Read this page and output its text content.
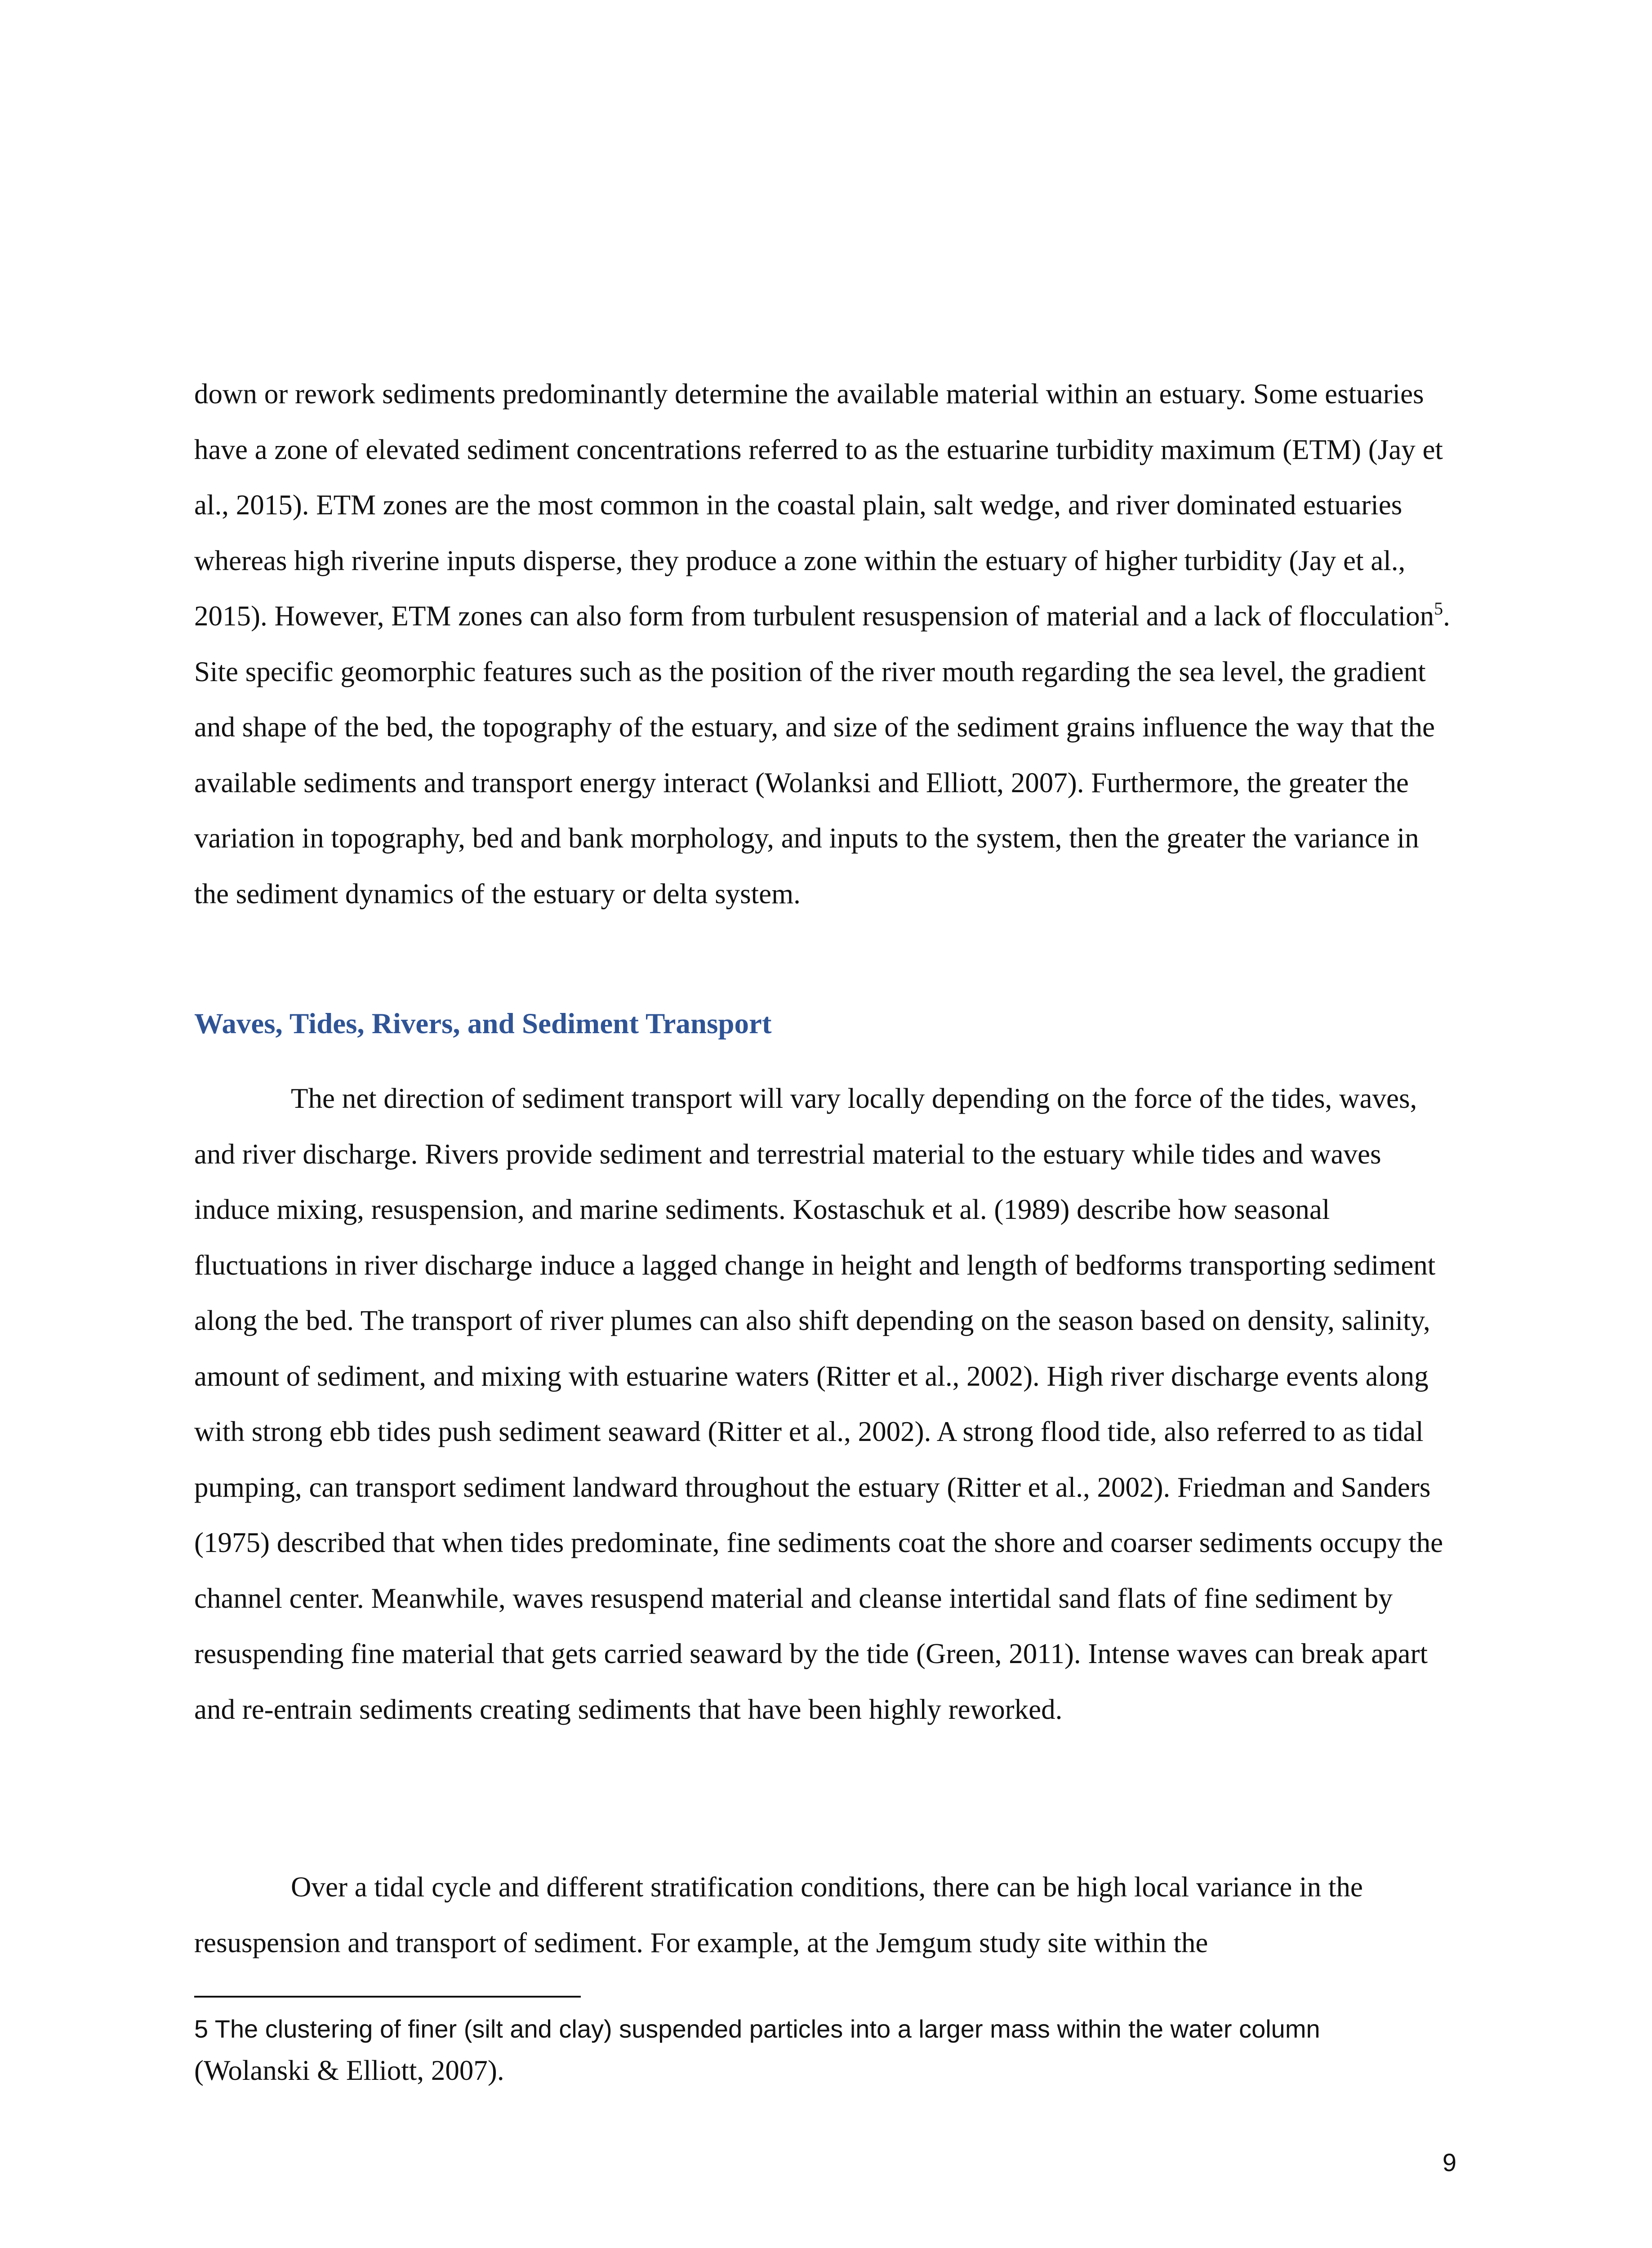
down or rework sediments predominantly determine the available material within an estuary. Some estuaries have a zone of elevated sediment concentrations referred to as the estuarine turbidity maximum (ETM) (Jay et al., 2015). ETM zones are the most common in the coastal plain, salt wedge, and river dominated estuaries whereas high riverine inputs disperse, they produce a zone within the estuary of higher turbidity (Jay et al., 2015). However, ETM zones can also form from turbulent resuspension of material and a lack of flocculation$^5$. Site specific geomorphic features such as the position of the river mouth regarding the sea level, the gradient and shape of the bed, the topography of the estuary, and size of the sediment grains influence the way that the available sediments and transport energy interact (Wolanksi and Elliott, 2007). Furthermore, the greater the variation in topography, bed and bank morphology, and inputs to the system, then the greater the variance in the sediment dynamics of the estuary or delta system.

Waves, Tides, Rivers, and Sediment Transport

The net direction of sediment transport will vary locally depending on the force of the tides, waves, and river discharge. Rivers provide sediment and terrestrial material to the estuary while tides and waves induce mixing, resuspension, and marine sediments. Kostaschuk et al. (1989) describe how seasonal fluctuations in river discharge induce a lagged change in height and length of bedforms transporting sediment along the bed. The transport of river plumes can also shift depending on the season based on density, salinity, amount of sediment, and mixing with estuarine waters (Ritter et al., 2002). High river discharge events along with strong ebb tides push sediment seaward (Ritter et al., 2002). A strong flood tide, also referred to as tidal pumping, can transport sediment landward throughout the estuary (Ritter et al., 2002). Friedman and Sanders (1975) described that when tides predominate, fine sediments coat the shore and coarser sediments occupy the channel center. Meanwhile, waves resuspend material and cleanse intertidal sand flats of fine sediment by resuspending fine material that gets carried seaward by the tide (Green, 2011). Intense waves can break apart and re-entrain sediments creating sediments that have been highly reworked.

Over a tidal cycle and different stratification conditions, there can be high local variance in the resuspension and transport of sediment. For example, at the Jemgum study site within the

5 The clustering of finer (silt and clay) suspended particles into a larger mass within the water column

(Wolanski & Elliott, 2007).

9
